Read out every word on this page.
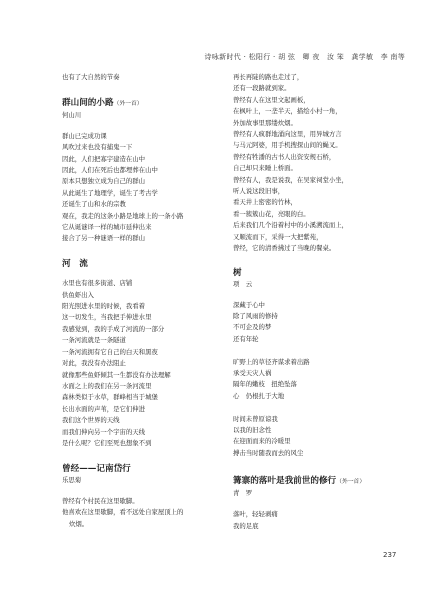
诗咏新时代 · 松阳行 · 胡 弦　卿 夜　汝 笨　龚学敏　李 南等
也有了大自然的节奏
群山间的小路（外一首）
何山川
群山已完成功课
风吹过来也没有捕鬼一下
因此，人们把寡宇建造在山中
因此，人们在死后也都埋葬在山中
原本只想独立成为自己的群山
从此诞生了地理学，诞生了考古学
还诞生了山和水的宗教
观在，我走的这条小路是地球上的一条小路
它从诞谜译一样的城市延伸出来
接合了另一种谜语一样的群山
河　流
水里也有很多街道、店铺
供鱼虾出入
阳光照进水里的时候，我看着
这一切发生，当我把手伸进水里
我感觉到，我的手成了河流的一部分
一条河流就是一条隧道
一条河流拥有它自己的白天和黑夜
对此，我没有办法阻止
就像那些鱼虾倾其一生都没有办法理解
水面之上的我们在另一条河流里
森林类似于水草，群峰相当于城堡
长出水面的声苇，是它们伸进
我们这个世界的天线
而我们伸向另一个宇宙的天线
是什么呢？它们至死也想象不到
曾经——记南岱行
乐思菊
曾经有个村民在这里歇脚。
他喜欢在这里歇脚，看不远处自家屋顶上的
炊烟。
再长再陡的路也走过了，
还有一段路就到家。
曾经有人在这里文起画板，
在枫叶上，一垄半天，描绘小村一角，
外加故事里那缕炊烟。
曾经有人疯群地涌向这里，用异城方言
与马元阿婆，用手机搜探山间的蝇叉。
曾经有牲潘的古书人出资安规石桥，
自己却只来睡上桥面。
曾经有人，我是说我，在吴家祠堂小坐，
听人说这段旧事，
看天井上密密的竹林，
看一簇簇山花，亮眼的白。
后来我们几个沿着村中的小溪溯流而上，
又顺流而下，采得一大把紫苑，
曾经，它的清香拂过了当晚的餐桌。
树
项　云
深藏于心中
除了风雨的修持
不可企及的梦
还有年轮
旷野上的草径齐谋求着出路
承受天灾人祸
隔年的嫩枝　扭绝坠落
心　仍根扎于大地
时间未曾原谅我
以我的旧念性
在迎面而来的冷暖里
搏击当时随我而去的风尘
篝寨的落叶是我前世的修行（外一首）
青　罗
落叶，轻轻剥痛
我的足底
237
